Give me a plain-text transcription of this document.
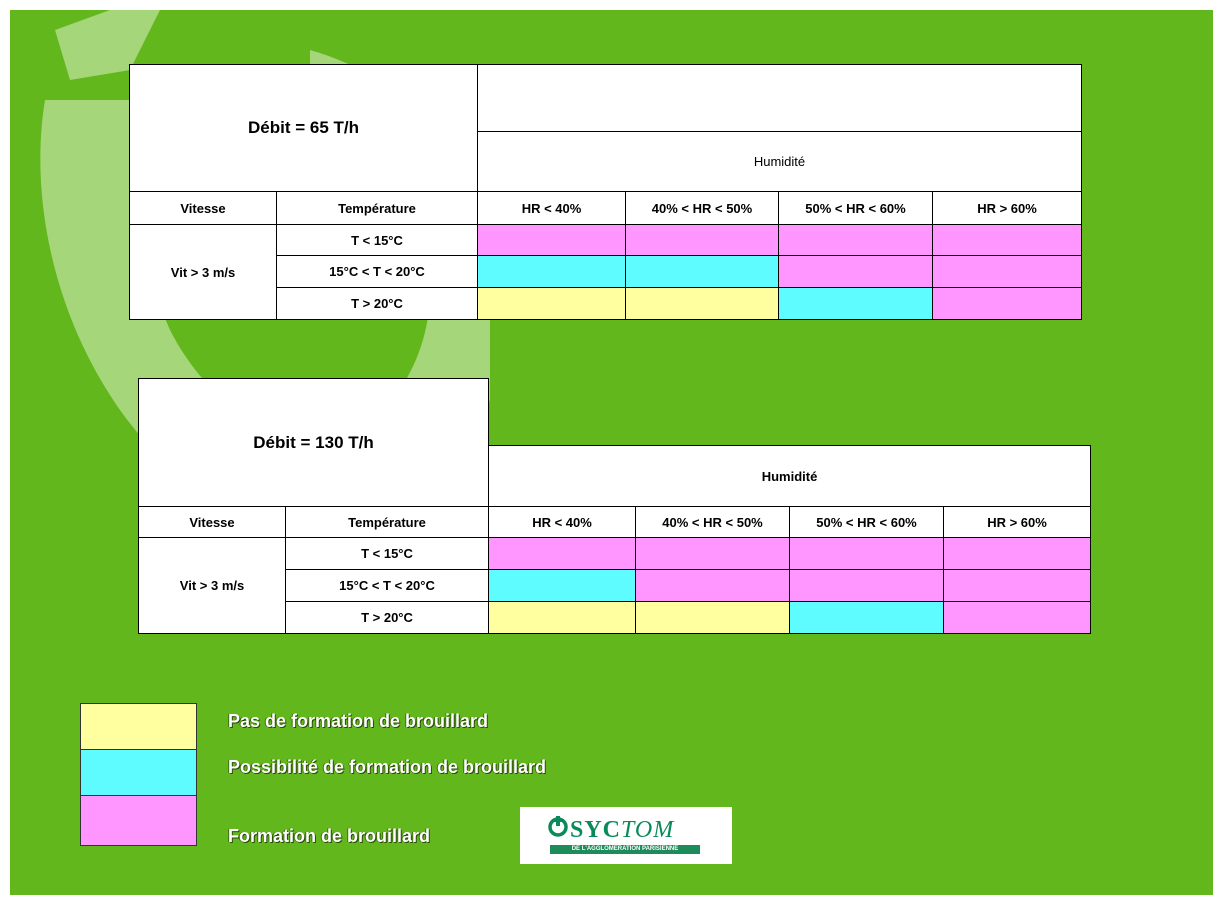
Débit = 65 T/h					
		Humidité			
Vitesse	Température	HR < 40%	40% < HR < 50%	50% < HR < 60%	HR > 60%
Vit > 3 m/s	T < 15°C				
	15°C < T < 20°C				
	T > 20°C				
Débit = 130 T/h					
		Humidité			
Vitesse	Température	HR < 40%	40% < HR < 50%	50% < HR < 60%	HR > 60%
Vit > 3 m/s	T < 15°C				
	15°C < T < 20°C				
	T > 20°C				
Pas de formation de brouillard
Possibilité de formation de brouillard
Formation de brouillard	SYCTOM
DE L'AGGLOMERATION PARISIENNE
